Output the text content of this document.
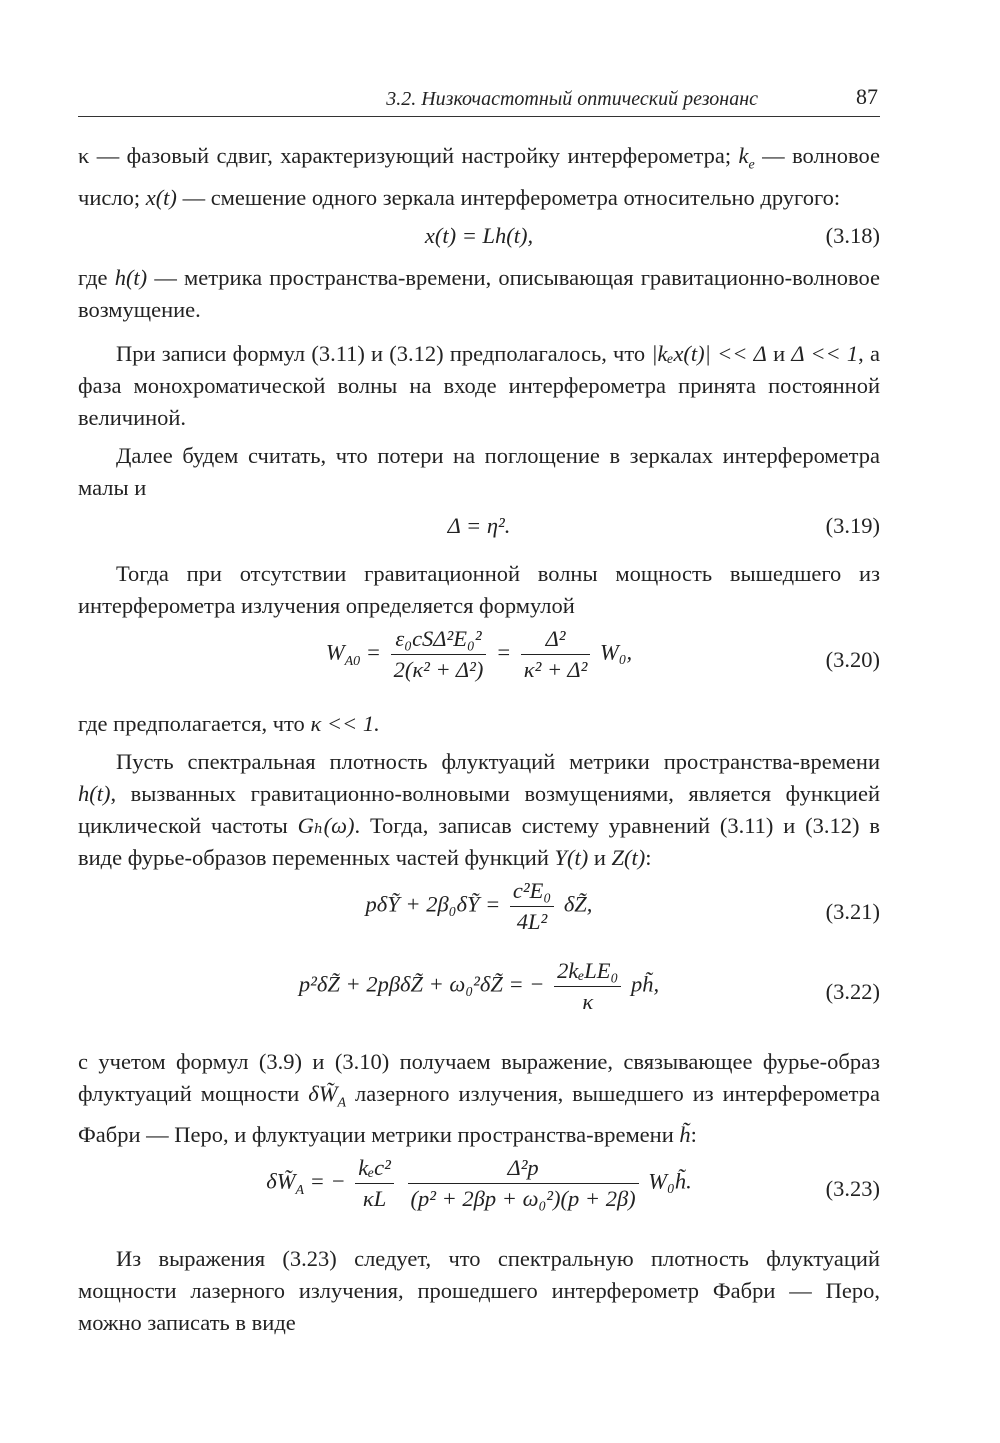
3.2. Низкочастотный оптический резонанс	87

κ — фазовый сдвиг, характеризующий настройку интерферометра; $k_e$ — волновое число; x(t) — смешение одного зеркала интерферометра относительно другого:

x(t) = Lh(t),	(3.18)

где h(t) — метрика пространства-времени, описывающая гравитационно-волновое возмущение.

При записи формул (3.11) и (3.12) предполагалось, что |kₑx(t)| << Δ и Δ << 1, а фаза монохроматической волны на входе интерферометра принята постоянной величиной.

Далее будем считать, что потери на поглощение в зеркалах интерферометра малы и

Δ = η².	(3.19)

Тогда при отсутствии гравитационной волны мощность вышедшего из интерферометра излучения определяется формулой

$W_{A0} = \frac{\text{ε₀cSΔ²E₀²}}{\text{2(κ² + Δ²)}} = \frac{\text{Δ²}}{\text{κ² + Δ²}} W_0$,	(3.20)

где предполагается, что κ << 1.

Пусть спектральная плотность флуктуаций метрики пространства-времени h(t), вызванных гравитационно-волновыми возмущениями, является функцией циклической частоты Gₕ(ω). Тогда, записав систему уравнений (3.11) и (3.12) в виде фурье-образов переменных частей функций Y(t) и Z(t):

pδỸ + 2β₀δỸ = $\frac{\text{c²E₀}}{\text{4L²}}$ δZ̃,	(3.21)
p²δZ̃ + 2pβδZ̃ + ω₀²δZ̃ = − $\frac{\text{2kₑLE₀}}{\kappa}$ ph̃,	(3.22)

с учетом формул (3.9) и (3.10) получаем выражение, связывающее фурье-образ флуктуаций мощности $\delta W̃_A$ лазерного излучения, вышедшего из интерферометра Фабри — Перо, и флуктуации метрики пространства-времени h̃:

$\delta W̃_A$ = − $\frac{\text{kₑc²}}{\kappa L}$
$\frac{\text{Δ²p}}{\text{(p² + 2βp + ω₀²)(p + 2β)}}$ W₀h̃.	(3.23)

Из выражения (3.23) следует, что спектральную плотность флуктуаций мощности лазерного излучения, прошедшего интерферометр Фабри — Перо, можно записать в виде
